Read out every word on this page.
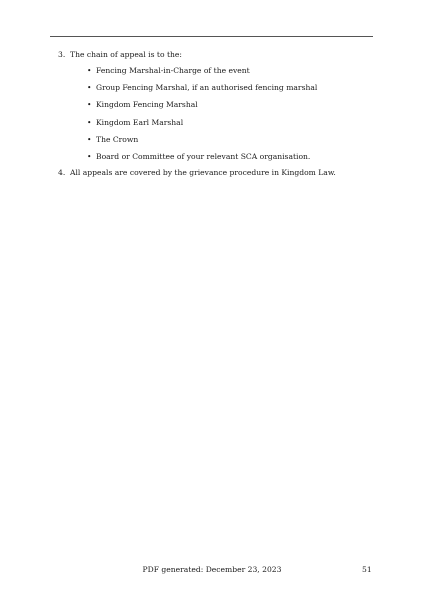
3. The chain of appeal is to the:
• Fencing Marshal-in-Charge of the event
• Group Fencing Marshal, if an authorised fencing marshal
• Kingdom Fencing Marshal
• Kingdom Earl Marshal
• The Crown
• Board or Committee of your relevant SCA organisation.
4. All appeals are covered by the grievance procedure in Kingdom Law.
PDF generated: December 23, 2023	51
